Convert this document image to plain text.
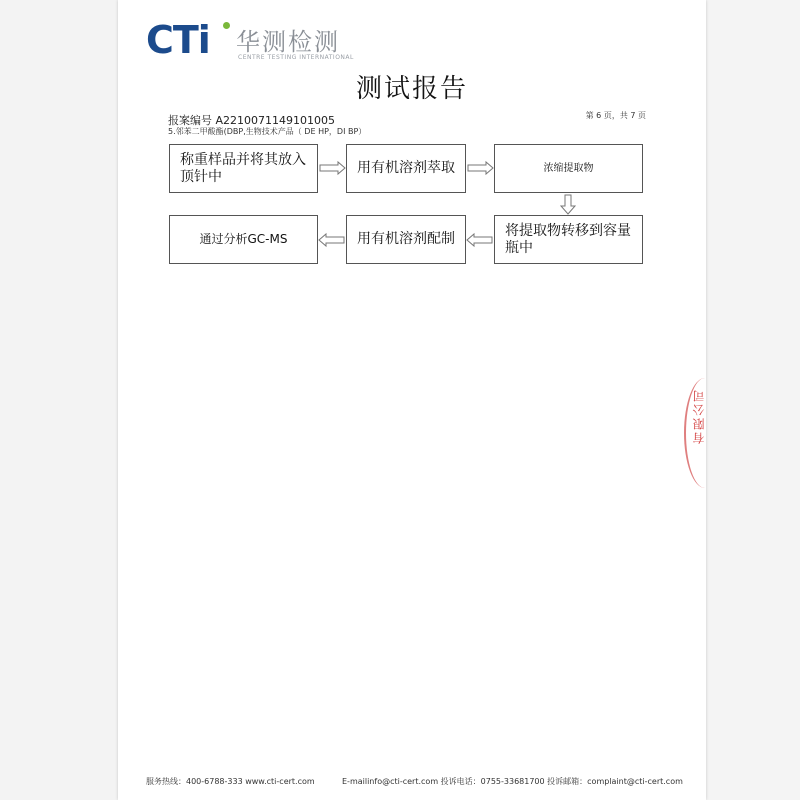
CTi 华测检测
CENTRE TESTING INTERNATIONAL
测试报告
报案编号 A2210071149101005	第 6 页，共 7 页
5.邻苯二甲酸酯(DBP,生物技术产品（ DE HP，DI BP）
称重样品并将其放入顶针中
用有机溶剂萃取	浓缩提取物
将提取物转移到容量瓶中
用有机溶剂配制
通过分析GC-MS
服务热线：400-6788-333 www.cti-cert.com	E-mailinfo@cti-cert.com 投诉电话：0755-33681700 投诉邮箱：complaint@cti-cert.com
有限公司
